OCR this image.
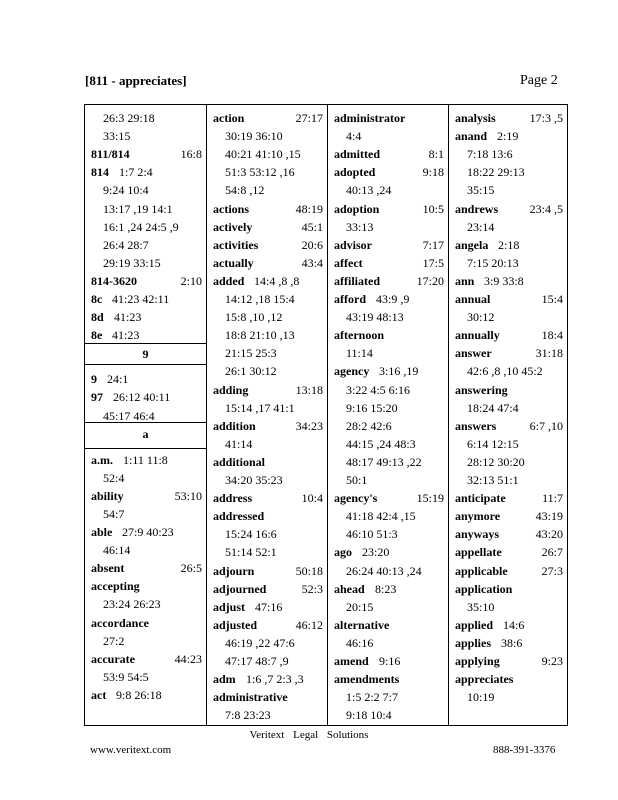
[811 - appreciates]	Page 2
26:3 29:18
33:15
811/814	16:8
814 1:7 2:4
9:24 10:4
13:17 ,19 14:1
16:1 ,24 24:5 ,9
26:4 28:7
29:19 33:15
814-3620	2:10
8c 41:23 42:11
8d 41:23
8e 41:23
9
9 24:1
97 26:12 40:11
45:17 46:4
a
a.m. 1:11 11:8
52:4
ability	53:10
54:7
able 27:9 40:23
46:14
absent	26:5
accepting
23:24 26:23
accordance
27:2
accurate	44:23
53:9 54:5
act 9:8 26:18
action	27:17
30:19 36:10
40:21 41:10 ,15
51:3 53:12 ,16
54:8 ,12
actions	48:19
actively	45:1
activities	20:6
actually	43:4
added 14:4 ,8 ,8
14:12 ,18 15:4
15:8 ,10 ,12
18:8 21:10 ,13
21:15 25:3
26:1 30:12
adding	13:18
15:14 ,17 41:1
addition	34:23
41:14
additional
34:20 35:23
address	10:4
addressed
15:24 16:6
51:14 52:1
adjourn	50:18
adjourned	52:3
adjust 47:16
adjusted	46:12
46:19 ,22 47:6
47:17 48:7 ,9
adm 1:6 ,7 2:3 ,3
administrative
7:8 23:23
administrator
4:4
admitted	8:1
adopted	9:18
40:13 ,24
adoption	10:5
33:13
advisor	7:17
affect	17:5
affiliated	17:20
afford 43:9 ,9
43:19 48:13
afternoon
11:14
agency 3:16 ,19
3:22 4:5 6:16
9:16 15:20
28:2 42:6
44:15 ,24 48:3
48:17 49:13 ,22
50:1
agency's	15:19
41:18 42:4 ,15
46:10 51:3
ago 23:20
26:24 40:13 ,24
ahead 8:23
20:15
alternative
46:16
amend 9:16
amendments
1:5 2:2 7:7
9:18 10:4
analysis	17:3 ,5
anand 2:19
7:18 13:6
18:22 29:13
35:15
andrews	23:4 ,5
23:14
angela 2:18
7:15 20:13
ann 3:9 33:8
annual	15:4
30:12
annually	18:4
answer	31:18
42:6 ,8 ,10 45:2
answering
18:24 47:4
answers	6:7 ,10
6:14 12:15
28:12 30:20
32:13 51:1
anticipate	11:7
anymore	43:19
anyways	43:20
appellate	26:7
applicable	27:3
application
35:10
applied 14:6
applies 38:6
applying	9:23
appreciates
10:19
Veritext Legal Solutions
www.veritext.com	888-391-3376
